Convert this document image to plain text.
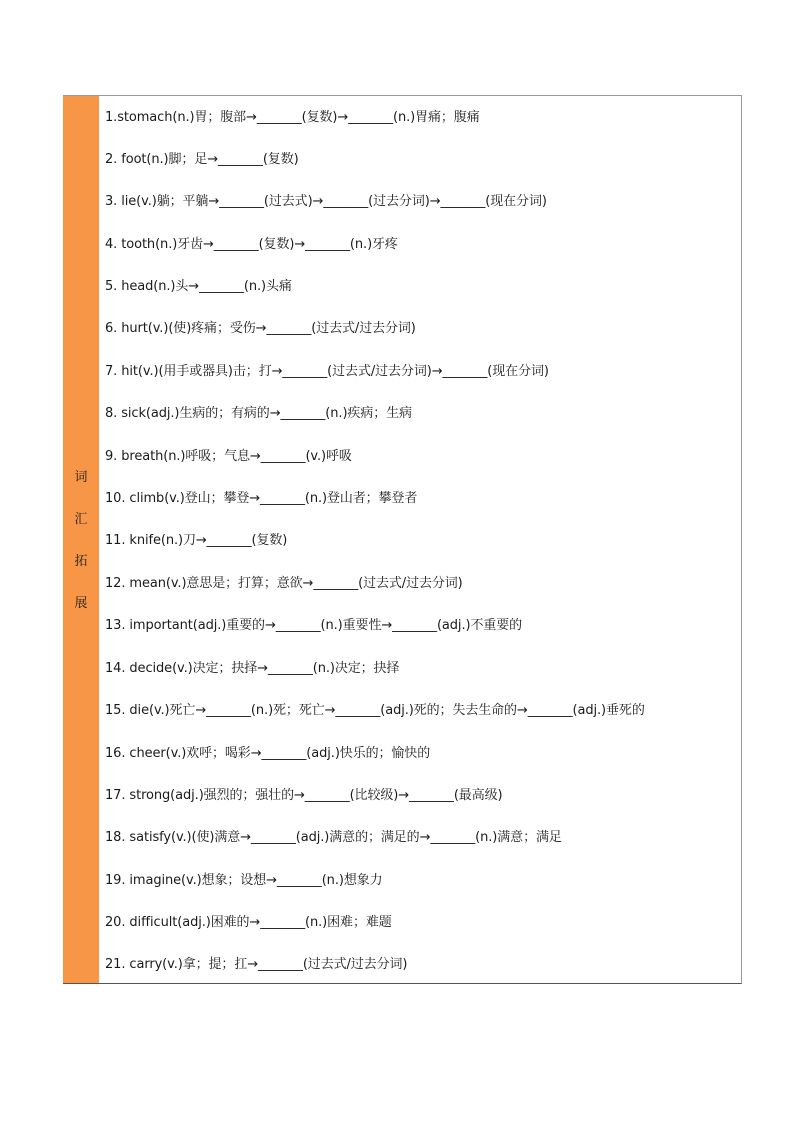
词
汇
拓
展
1.stomach(n.)胃；腹部→_______(复数)→_______(n.)胃痛；腹痛
2. foot(n.)脚；足→_______(复数)
3. lie(v.)躺；平躺→_______(过去式)→_______(过去分词)→_______(现在分词)
4. tooth(n.)牙齿→_______(复数)→_______(n.)牙疼
5. head(n.)头→_______(n.)头痛
6. hurt(v.)(使)疼痛；受伤→_______(过去式/过去分词)
7. hit(v.)(用手或器具)击；打→_______(过去式/过去分词)→_______(现在分词)
8. sick(adj.)生病的；有病的→_______(n.)疾病；生病
9. breath(n.)呼吸；气息→_______(v.)呼吸
10. climb(v.)登山；攀登→_______(n.)登山者；攀登者
11. knife(n.)刀→_______(复数)
12. mean(v.)意思是；打算；意欲→_______(过去式/过去分词)
13. important(adj.)重要的→_______(n.)重要性→_______(adj.)不重要的
14. decide(v.)决定；抉择→_______(n.)决定；抉择
15. die(v.)死亡→_______(n.)死；死亡→_______(adj.)死的；失去生命的→_______(adj.)垂死的
16. cheer(v.)欢呼；喝彩→_______(adj.)快乐的；愉快的
17. strong(adj.)强烈的；强壮的→_______(比较级)→_______(最高级)
18. satisfy(v.)(使)满意→_______(adj.)满意的；满足的→_______(n.)满意；满足
19. imagine(v.)想象；设想→_______(n.)想象力
20. difficult(adj.)困难的→_______(n.)困难；难题
21. carry(v.)拿；提；扛→_______(过去式/过去分词)
